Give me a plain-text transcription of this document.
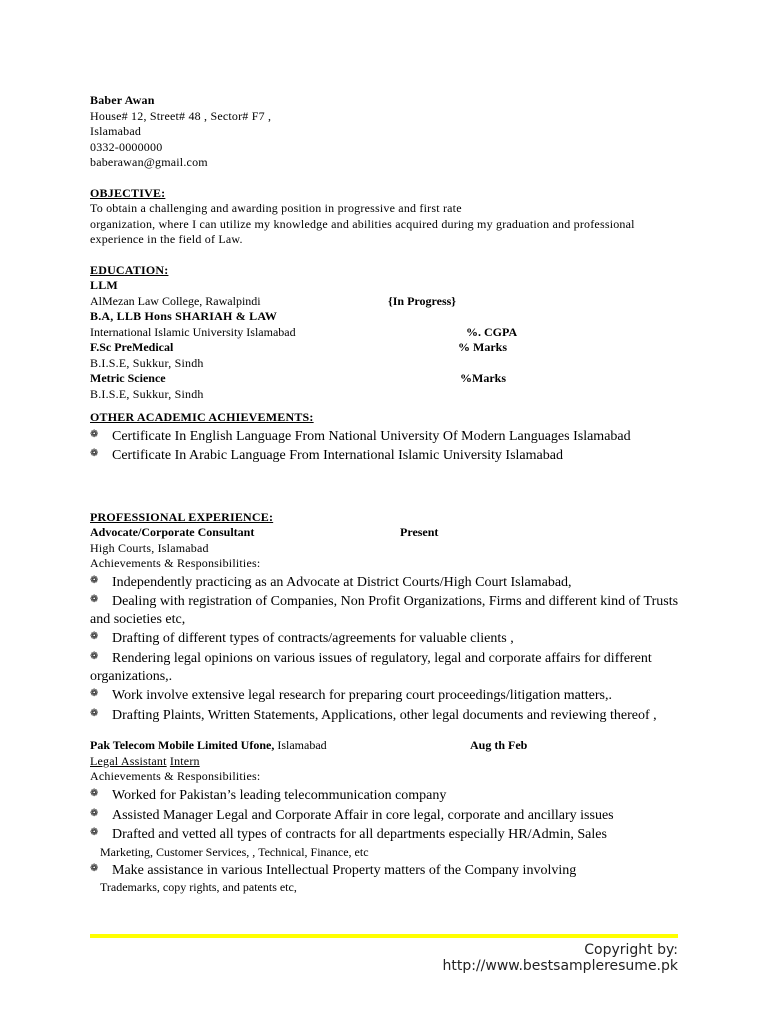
Baber Awan
House# 12, Street# 48 , Sector# F7 ,
Islamabad
0332-0000000
baberawan@gmail.com
OBJECTIVE:
To obtain a challenging and awarding position in progressive and first rate
organization, where I can utilize my knowledge and abilities acquired during my graduation and professional
experience in the field of Law.
EDUCATION:
LLM
AlMezan Law College, Rawalpindi	{In Progress}
B.A, LLB Hons SHARIAH & LAW
International Islamic University Islamabad	%. CGPA
F.Sc PreMedical	% Marks
B.I.S.E, Sukkur, Sindh
Metric Science	%Marks
B.I.S.E, Sukkur, Sindh
OTHER ACADEMIC ACHIEVEMENTS:
❁ Certificate In English Language From National University Of Modern Languages Islamabad
❁ Certificate In Arabic Language From International Islamic University Islamabad
PROFESSIONAL EXPERIENCE:
Advocate/Corporate Consultant	Present
High Courts, Islamabad
Achievements & Responsibilities:
❁ Independently practicing as an Advocate at District Courts/High Court Islamabad,
❁ Dealing with registration of Companies, Non Profit Organizations, Firms and different kind of Trusts and societies etc,
❁ Drafting of different types of contracts/agreements for valuable clients ,
❁ Rendering legal opinions on various issues of regulatory, legal and corporate affairs for different organizations,.
❁ Work involve extensive legal research for preparing court proceedings/litigation matters,.
❁ Drafting Plaints, Written Statements, Applications, other legal documents and reviewing thereof ,
Pak Telecom Mobile Limited Ufone, Islamabad	Aug th Feb
Legal Assistant Intern
Achievements & Responsibilities:
❁ Worked for Pakistan’s leading telecommunication company
❁ Assisted Manager Legal and Corporate Affair in core legal, corporate and ancillary issues
❁ Drafted and vetted all types of contracts for all departments especially HR/Admin, Sales
Marketing, Customer Services, , Technical, Finance, etc
❁ Make assistance in various Intellectual Property matters of the Company involving
Trademarks, copy rights, and patents etc,
Copyright by: http://www.bestsampleresume.pk
